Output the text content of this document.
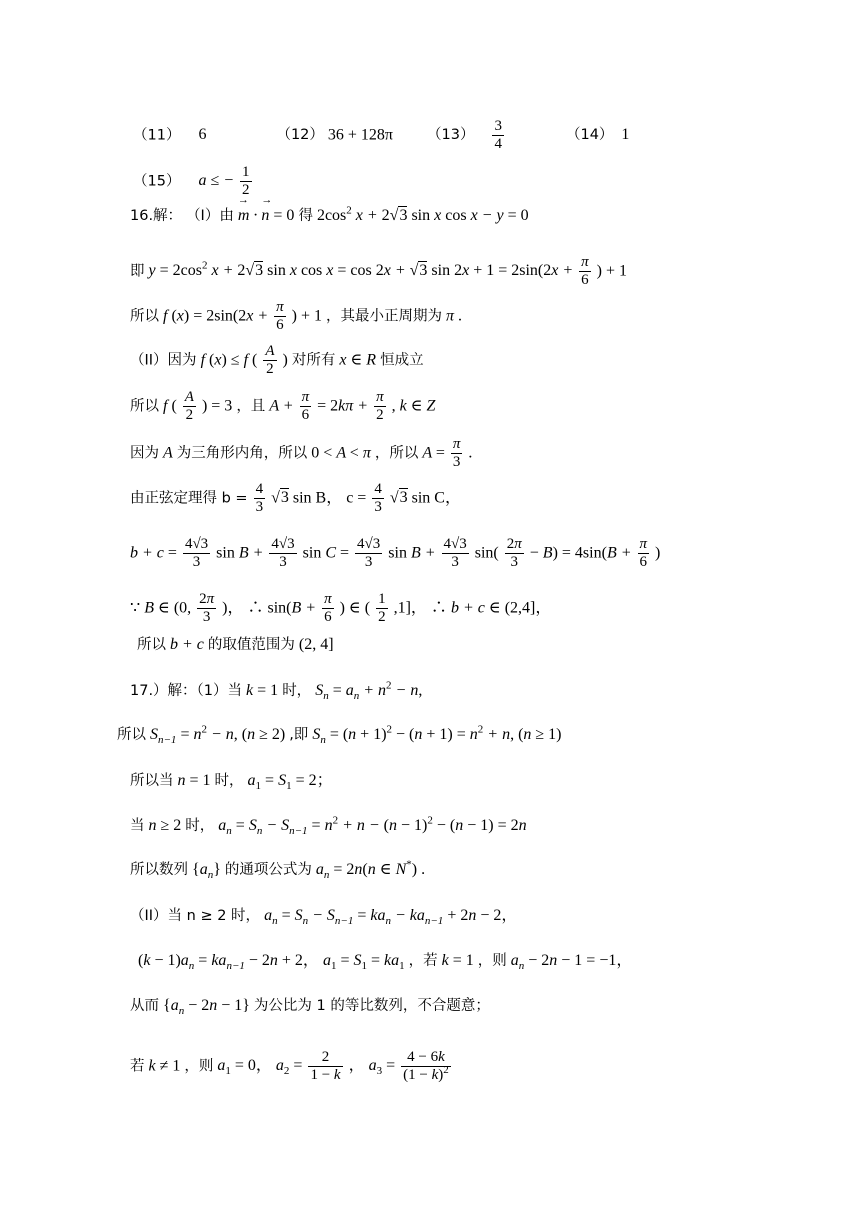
（11） 6	（12） 36 + 128π $(13) \frac{3}{4}$	（14） 1
（15） a ≤ − $\frac{1}{2}$
16.解： （I）由 → m · → n = 0 得 $2\cos^2$ x + 2√3 sin x cos x − y = 0
即 $y = 2\cos^2$ x + 2√3 sin x cos x = cos 2x + √3 $\sin 2x + 1 = 2\sin(2x + \frac{\pi}{6}$ ) + 1
所以 f $(x) = 2\sin(2x + \frac{\pi}{6}$ ) + 1 ，其最小正周期为 π .
（II）因为 f (x) ≤ f ( $\frac{A}{2}$ ) 对所有 x ∈ R 恒成立
所以 f ( $\frac{A}{2}$ ) = 3 ，且 $A + \frac{\pi}{6} = 2k\pi + \frac{\pi}{2}$ , k ∈ Z
因为 A 为三角形内角，所以 0 < A < π ，所以 $A = \frac{\pi}{3}$ .
由正弦定理得 $b = \frac{4}{3} √3$ sin B， $c = \frac{4}{3} √3$ sin C，
$b + c = \frac{4√3}{3}$ $\sin B + \frac{4√3}{3}$ $\sin C = \frac{4√3}{3}$ $\sin B + \frac{4√3}{3} \sin( \frac{2\pi}{3} - B) = 4\sin(B + \frac{\pi}{6}$ )
∵ B ∈ (0, $\frac{2\pi}{3}$ )， ∴ $\sin(B + \frac{\pi}{6}$ ) ∈ ( $\frac{1}{2} ,1$]， ∴ b + c ∈ (2,4]，
所以 b + c 的取值范围为 (2, 4]
17.）解：（1）当 k = 1 时， $S_n = a_n + n^2 - n$,
所以 $S_{n-1} = n^2 - n$, (n ≥ 2) ,即 $S_n = (n + 1)^2 - (n + 1) = n^2 + n$, (n ≥ 1)
所以当 n = 1 时， $a_1 = S_1 = 2$；
当 n ≥ 2 时， $a_n = S_n - S_{n-1} = n^2 + n - (n - 1)^2 - (n - 1) = 2n$
所以数列 $\{a_n\}$ 的通项公式为 $a_n = 2n(n$ ∈ N*) .
（II）当 n ≥ 2 时， $a_n = S_n - S_{n-1} = ka_n - ka_{n-1} + 2n - 2$，
$(k - 1)a_n = ka_{n-1} - 2n + 2$， $a_1 = S_1 = ka_1$ ，若 k = 1 ，则 $a_n - 2n - 1 = -1$，
从而 $\{a_n - 2n - 1\}$ 为公比为 1 的等比数列，不合题意；
若 k ≠ 1 ，则 $a_1 = 0$， $a_2 = \frac{2}{1 - k}$ ， $a_3 = \frac{4 - 6k}{(1 - k)^2}$
